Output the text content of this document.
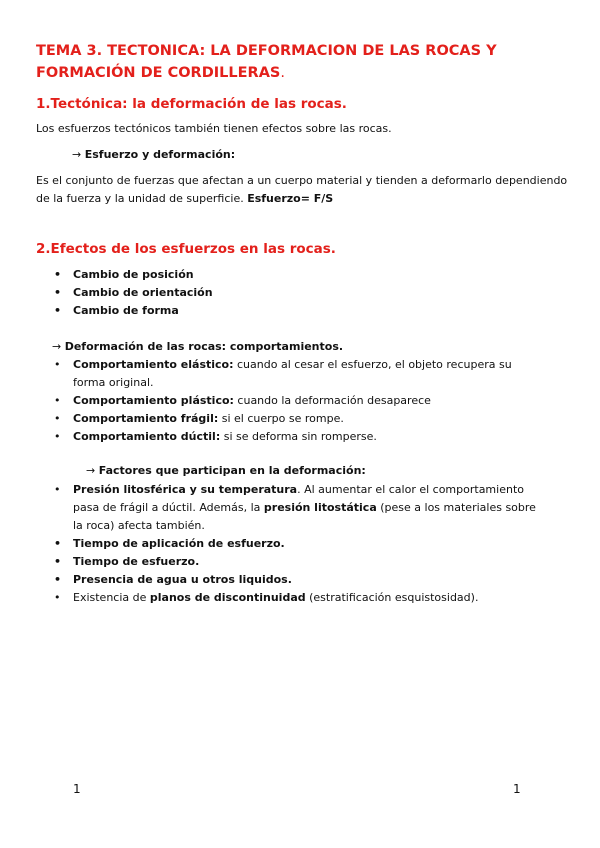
TEMA 3. TECTONICA: LA DEFORMACION DE LAS ROCAS Y FORMACIÓN DE CORDILLERAS.
1.Tectónica: la deformación de las rocas.
Los esfuerzos tectónicos también tienen efectos sobre las rocas.
→ Esfuerzo y deformación:
Es el conjunto de fuerzas que afectan a un cuerpo material y tienden a deformarlo dependiendo de la fuerza y la unidad de superficie. Esfuerzo= F/S
2.Efectos de los esfuerzos en las rocas.
• Cambio de posición
• Cambio de orientación
• Cambio de forma
→ Deformación de las rocas: comportamientos.
• Comportamiento elástico: cuando al cesar el esfuerzo, el objeto recupera su forma original.
• Comportamiento plástico: cuando la deformación desaparece
• Comportamiento frágil: si el cuerpo se rompe.
• Comportamiento dúctil: si se deforma sin romperse.
→ Factores que participan en la deformación:
• Presión litosférica y su temperatura. Al aumentar el calor el comportamiento pasa de frágil a dúctil. Además, la presión litostática (pese a los materiales sobre la roca) afecta también.
• Tiempo de aplicación de esfuerzo.
• Tiempo de esfuerzo.
• Presencia de agua u otros liquidos.
• Existencia de planos de discontinuidad (estratificación esquistosidad).
1	1
